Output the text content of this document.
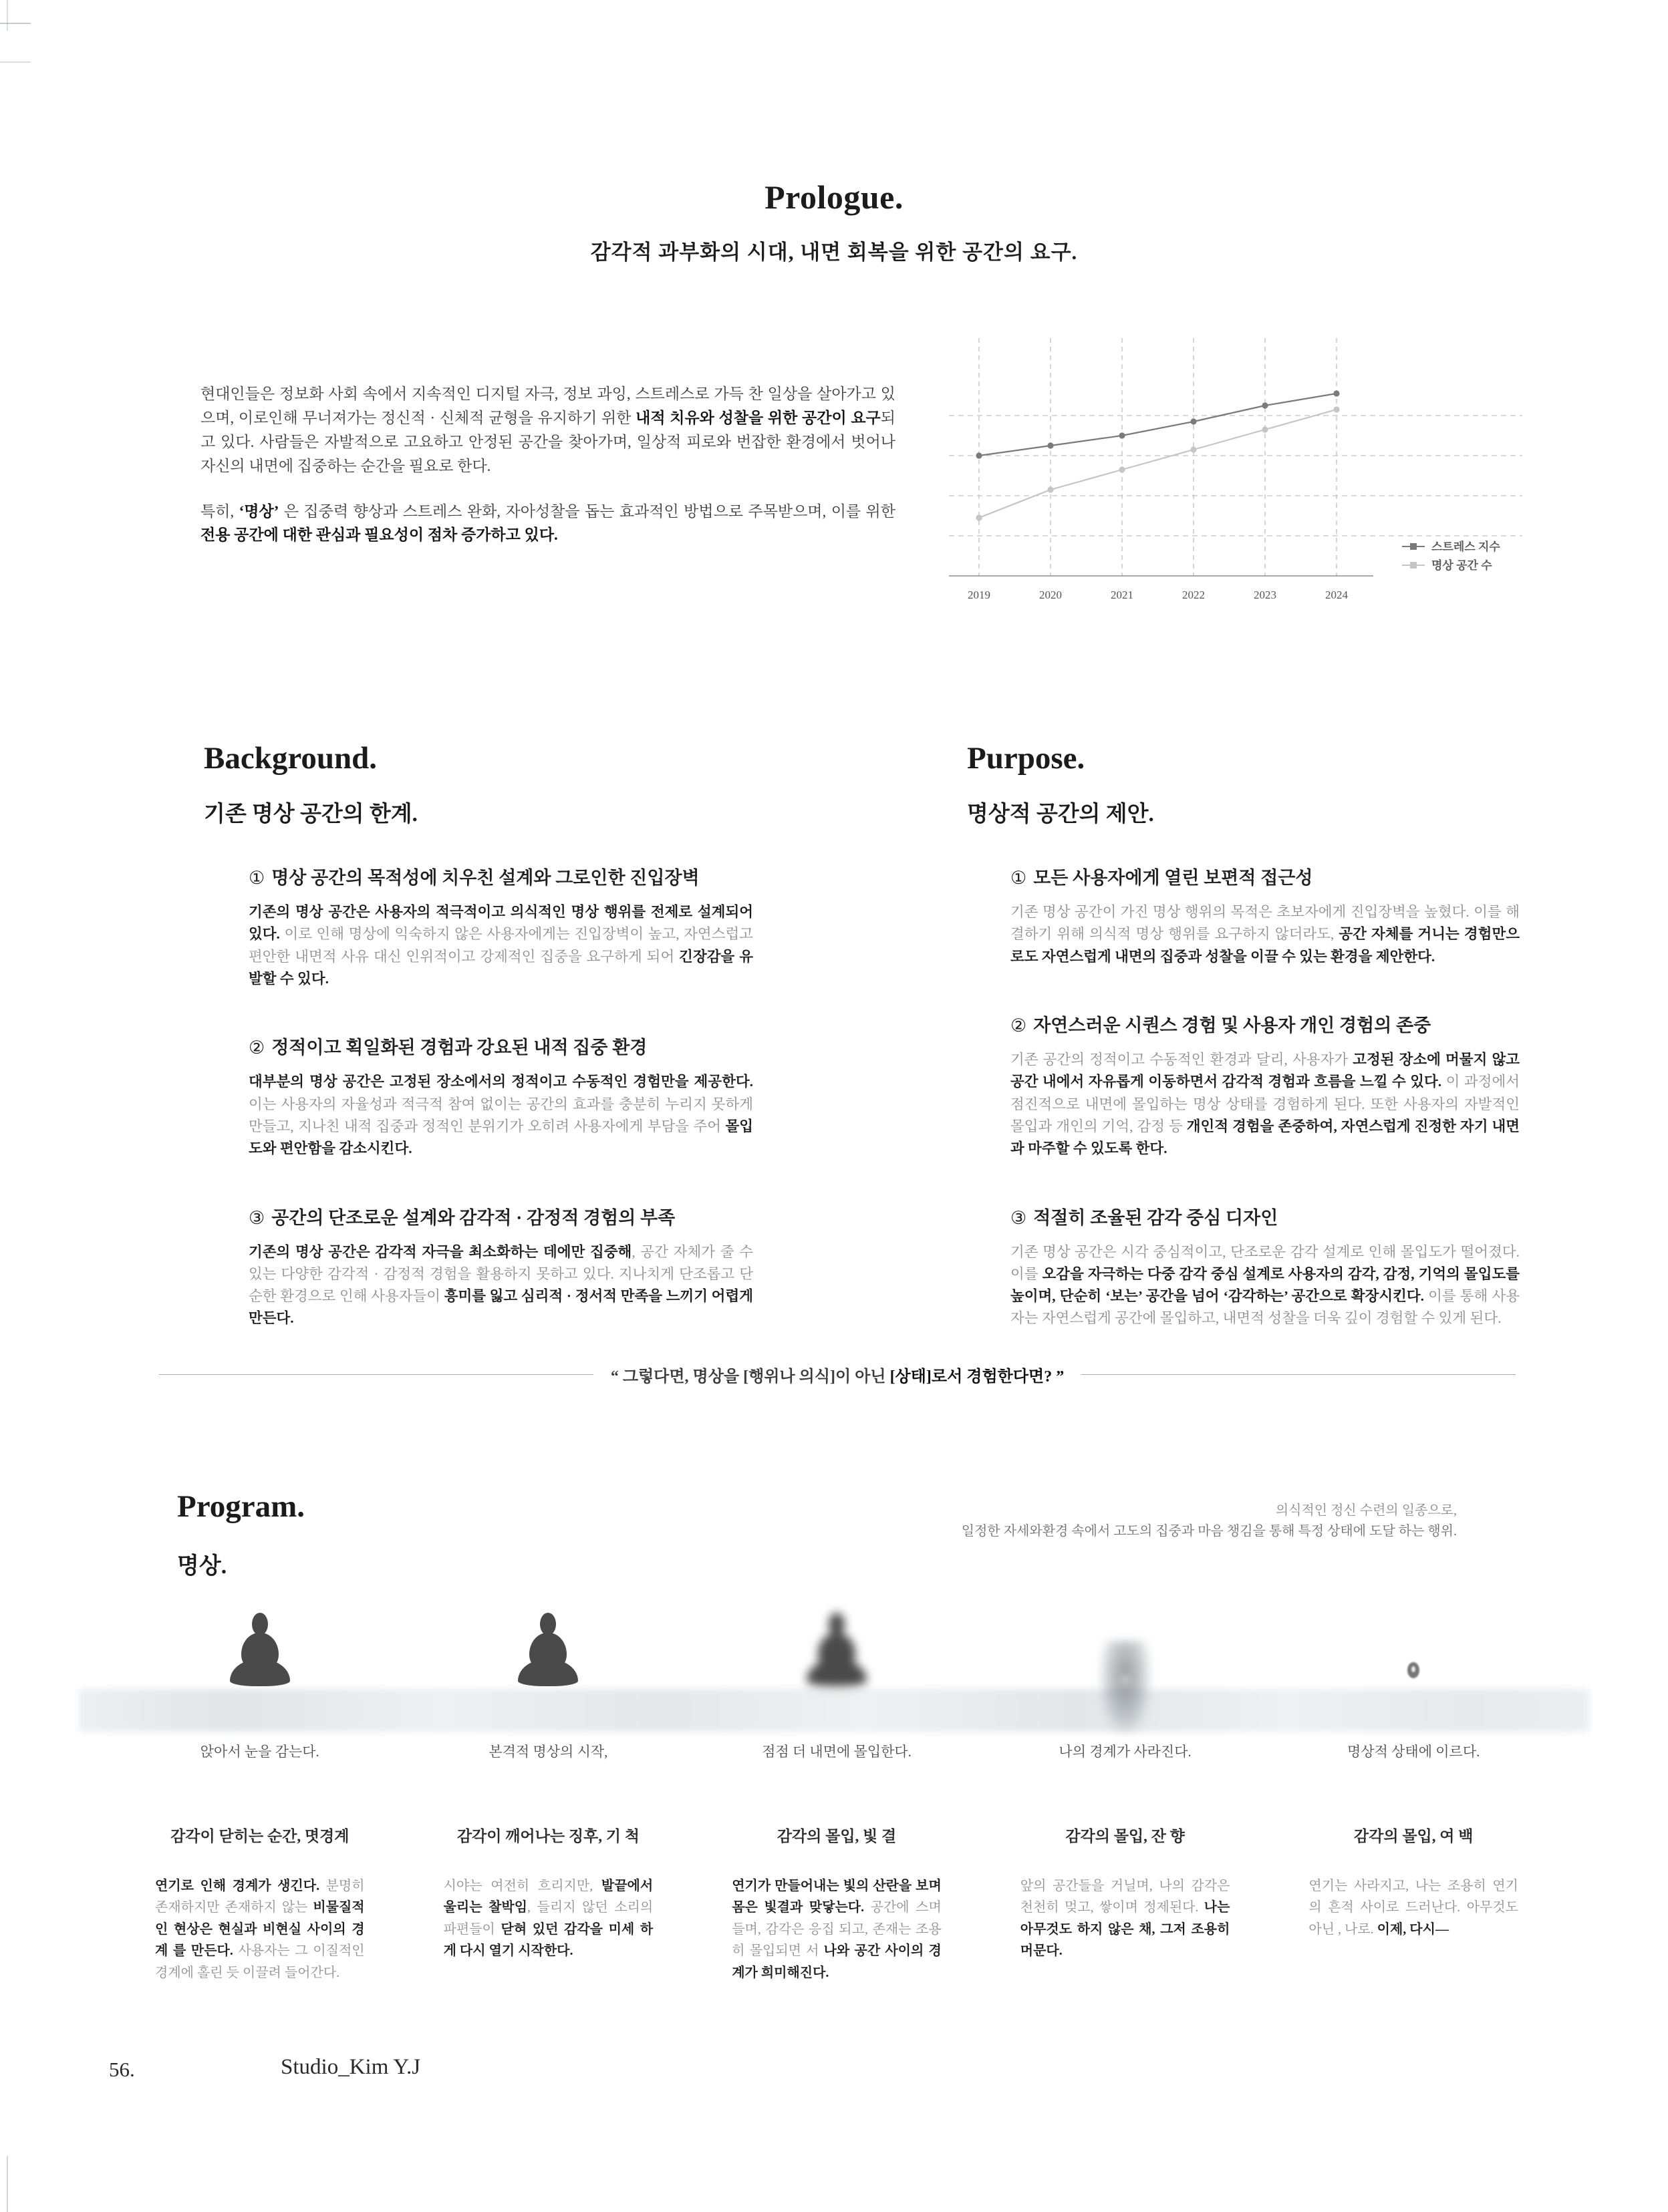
Prologue.
감각적 과부화의 시대, 내면 회복을 위한 공간의 요구.

현대인들은 정보화 사회 속에서 지속적인 디지털 자극, 정보 과잉, 스트레스로 가득 찬 일상을 살아가고 있으며, 이로인해 무너져가는 정신적 · 신체적 균형을 유지하기 위한 내적 치유와 성찰을 위한 공간이 요구되고 있다. 사람들은 자발적으로 고요하고 안정된 공간을 찾아가며, 일상적 피로와 번잡한 환경에서 벗어나 자신의 내면에 집중하는 순간을 필요로 한다.

특히, ‘명상’ 은 집중력 향상과 스트레스 완화, 자아성찰을 돕는 효과적인 방법으로 주목받으며, 이를 위한 전용 공간에 대한 관심과 필요성이 점차 증가하고 있다.

2019	2020	2021	2022	2023	2024
스트레스 지수
명상 공간 수
Background.
기존 명상 공간의 한계.
① 명상 공간의 목적성에 치우친 설계와 그로인한 진입장벽
기존의 명상 공간은 사용자의 적극적이고 의식적인 명상 행위를 전제로 설계되어 있다. 이로 인해 명상에 익숙하지 않은 사용자에게는 진입장벽이 높고, 자연스럽고 편안한 내면적 사유 대신 인위적이고 강제적인 집중을 요구하게 되어 긴장감을 유발할 수 있다.
② 정적이고 획일화된 경험과 강요된 내적 집중 환경
대부분의 명상 공간은 고정된 장소에서의 정적이고 수동적인 경험만을 제공한다. 이는 사용자의 자율성과 적극적 참여 없이는 공간의 효과를 충분히 누리지 못하게 만들고, 지나친 내적 집중과 정적인 분위기가 오히려 사용자에게 부담을 주어 몰입도와 편안함을 감소시킨다.
③ 공간의 단조로운 설계와 감각적 · 감정적 경험의 부족
기존의 명상 공간은 감각적 자극을 최소화하는 데에만 집중해, 공간 자체가 줄 수 있는 다양한 감각적 · 감정적 경험을 활용하지 못하고 있다. 지나치게 단조롭고 단순한 환경으로 인해 사용자들이 흥미를 잃고 심리적 · 정서적 만족을 느끼기 어렵게 만든다.
Purpose.
명상적 공간의 제안.
① 모든 사용자에게 열린 보편적 접근성
기존 명상 공간이 가진 명상 행위의 목적은 초보자에게 진입장벽을 높혔다. 이를 해결하기 위해 의식적 명상 행위를 요구하지 않더라도, 공간 자체를 거니는 경험만으로도 자연스럽게 내면의 집중과 성찰을 이끌 수 있는 환경을 제안한다.
② 자연스러운 시퀀스 경험 및 사용자 개인 경험의 존중
기존 공간의 정적이고 수동적인 환경과 달리, 사용자가 고정된 장소에 머물지 않고 공간 내에서 자유롭게 이동하면서 감각적 경험과 흐름을 느낄 수 있다. 이 과정에서 점진적으로 내면에 몰입하는 명상 상태를 경험하게 된다. 또한 사용자의 자발적인 몰입과 개인의 기억, 감정 등 개인적 경험을 존중하여, 자연스럽게 진정한 자기 내면과 마주할 수 있도록 한다.
③ 적절히 조율된 감각 중심 디자인
기존 명상 공간은 시각 중심적이고, 단조로운 감각 설계로 인해 몰입도가 떨어졌다. 이를 오감을 자극하는 다중 감각 중심 설계로 사용자의 감각, 감정, 기억의 몰입도를 높이며, 단순히 ‘보는’ 공간을 넘어 ‘감각하는’ 공간으로 확장시킨다. 이를 통해 사용자는 자연스럽게 공간에 몰입하고, 내면적 성찰을 더욱 깊이 경험할 수 있게 된다.
“ 그렇다면, 명상을 [행위나 의식]이 아닌 [상태]로서 경험한다면? ”
Program.
명상.
의식적인 정신 수련의 일종으로,
일정한 자세와환경 속에서 고도의 집중과 마음 챙김을 통해 특정 상태에 도달 하는 행위.
앉아서 눈을 감는다.
감각이 닫히는 순간, 몃경계
연기로 인해 경계가 생긴다. 분명히 존재하지만 존재하지 않는 비물질적인 현상은 현실과 비현실 사이의 경계 를 만든다. 사용자는 그 이질적인 경계에 홀린 듯 이끌려 들어간다.
본격적 명상의 시작,
감각이 깨어나는 징후, 기 척
시야는 여전히 흐리지만, 발끝에서 울리는 찰박임, 들리지 않던 소리의 파편들이 닫혀 있던 감각을 미세 하게 다시 열기 시작한다.
점점 더 내면에 몰입한다.
감각의 몰입, 빛 결
연기가 만들어내는 빛의 산란을 보며 몸은 빛결과 맞닿는다. 공간에 스며들며, 감각은 응집 되고, 존재는 조용히 몰입되면 서 나와 공간 사이의 경계가 희미해진다.
나의 경계가 사라진다.
감각의 몰입, 잔 향
앞의 공간들을 거닐며, 나의 감각은 천천히 멎고, 쌓이며 정제된다. 나는 아무것도 하지 않은 채, 그저 조용히 머문다.
명상적 상태에 이르다.
감각의 몰입, 여 백
연기는 사라지고, 나는 조용히 연기의 흔적 사이로 드러난다. 아무것도 아닌 , 나로. 이제, 다시—
56.	Studio_Kim Y.J
